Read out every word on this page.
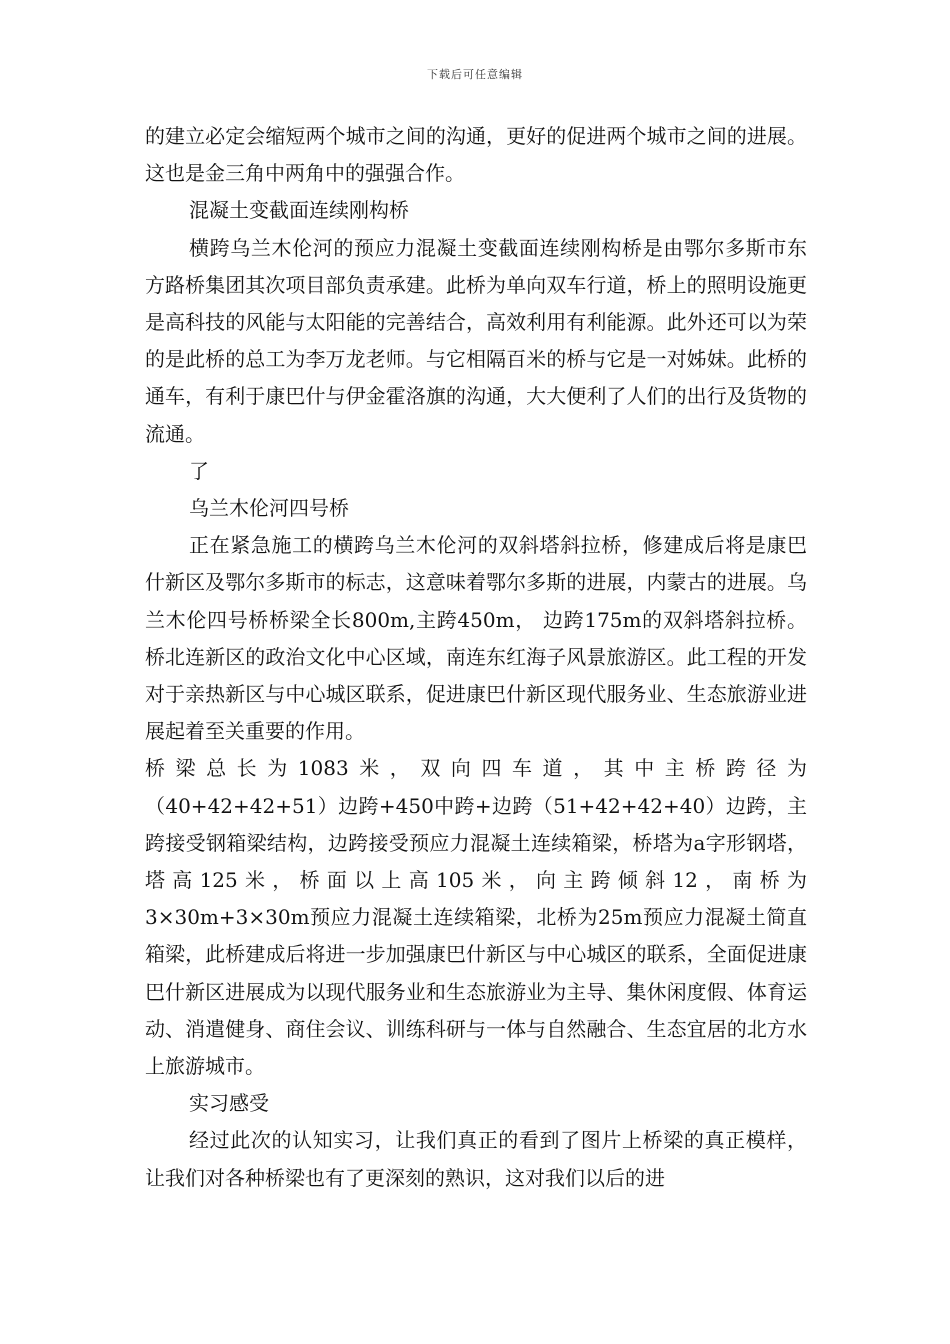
下载后可任意编辑

的建立必定会缩短两个城市之间的沟通，更好的促进两个城市之间的进展。这也是金三角中两角中的强强合作。

混凝土变截面连续刚构桥

横跨乌兰木伦河的预应力混凝土变截面连续刚构桥是由鄂尔多斯市东方路桥集团其次项目部负责承建。此桥为单向双车行道，桥上的照明设施更是高科技的风能与太阳能的完善结合，高效利用有利能源。此外还可以为荣的是此桥的总工为李万龙老师。与它相隔百米的桥与它是一对姊妹。此桥的通车，有利于康巴什与伊金霍洛旗的沟通，大大便利了人们的出行及货物的流通。

了

乌兰木伦河四号桥

正在紧急施工的横跨乌兰木伦河的双斜塔斜拉桥，修建成后将是康巴什新区及鄂尔多斯市的标志，这意味着鄂尔多斯的进展，内蒙古的进展。乌兰木伦四号桥桥梁全长800m,主跨450m， 边跨175m的双斜塔斜拉桥。桥北连新区的政治文化中心区域，南连东红海子风景旅游区。此工程的开发对于亲热新区与中心城区联系，促进康巴什新区现代服务业、生态旅游业进展起着至关重要的作用。

桥梁总长为1083米，双向四车道，其中主桥跨径为

（40+42+42+51）边跨+450中跨+边跨（51+42+42+40）边跨，主跨接受钢箱梁结构，边跨接受预应力混凝土连续箱梁，桥塔为a字形钢塔，塔高125米，桥面以上高105米，向主跨倾斜12，南桥为3×30m+3×30m预应力混凝土连续箱梁，北桥为25m预应力混凝土简直箱梁，此桥建成后将进一步加强康巴什新区与中心城区的联系，全面促进康巴什新区进展成为以现代服务业和生态旅游业为主导、集休闲度假、体育运动、消遣健身、商住会议、训练科研与一体与自然融合、生态宜居的北方水上旅游城市。

实习感受

经过此次的认知实习，让我们真正的看到了图片上桥梁的真正模样，让我们对各种桥梁也有了更深刻的熟识，这对我们以后的进
